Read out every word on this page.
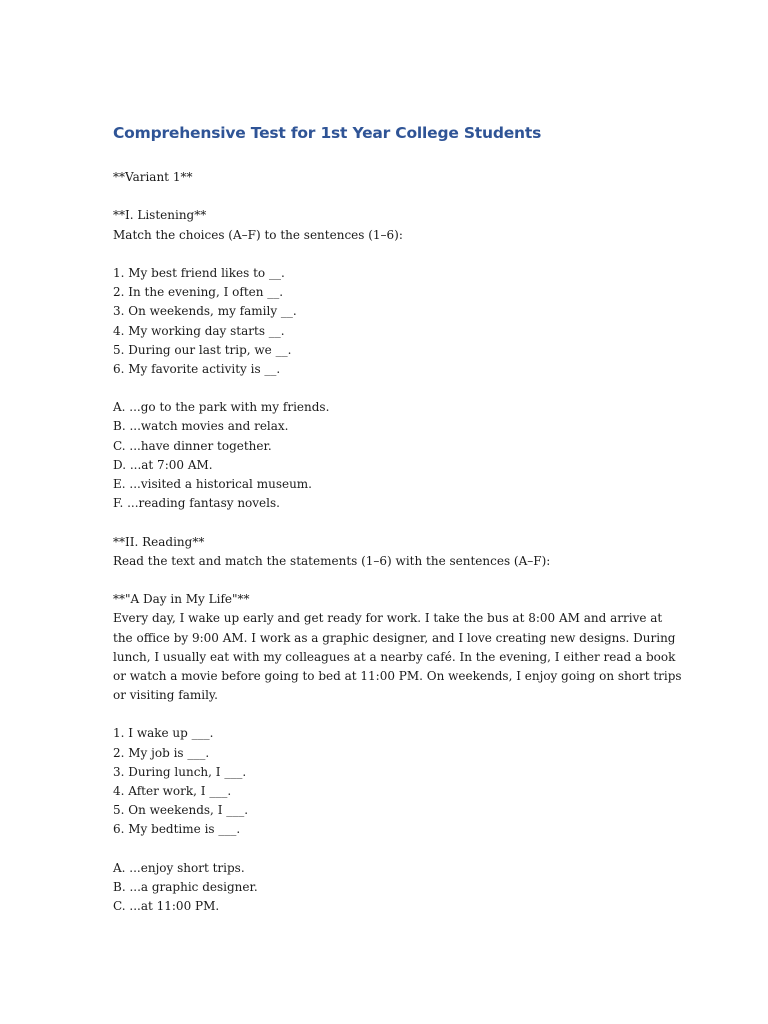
Comprehensive Test for 1st Year College Students
**Variant 1**
**I. Listening**
Match the choices (A–F) to the sentences (1–6):
1. My best friend likes to __.
2. In the evening, I often __.
3. On weekends, my family __.
4. My working day starts __.
5. During our last trip, we __.
6. My favorite activity is __.
A. ...go to the park with my friends.
B. ...watch movies and relax.
C. ...have dinner together.
D. ...at 7:00 AM.
E. ...visited a historical museum.
F. ...reading fantasy novels.
**II. Reading**
Read the text and match the statements (1–6) with the sentences (A–F):
**"A Day in My Life"**
Every day, I wake up early and get ready for work. I take the bus at 8:00 AM and arrive at
the office by 9:00 AM. I work as a graphic designer, and I love creating new designs. During
lunch, I usually eat with my colleagues at a nearby café. In the evening, I either read a book
or watch a movie before going to bed at 11:00 PM. On weekends, I enjoy going on short trips
or visiting family.
1. I wake up ___.
2. My job is ___.
3. During lunch, I ___.
4. After work, I ___.
5. On weekends, I ___.
6. My bedtime is ___.
A. ...enjoy short trips.
B. ...a graphic designer.
C. ...at 11:00 PM.
